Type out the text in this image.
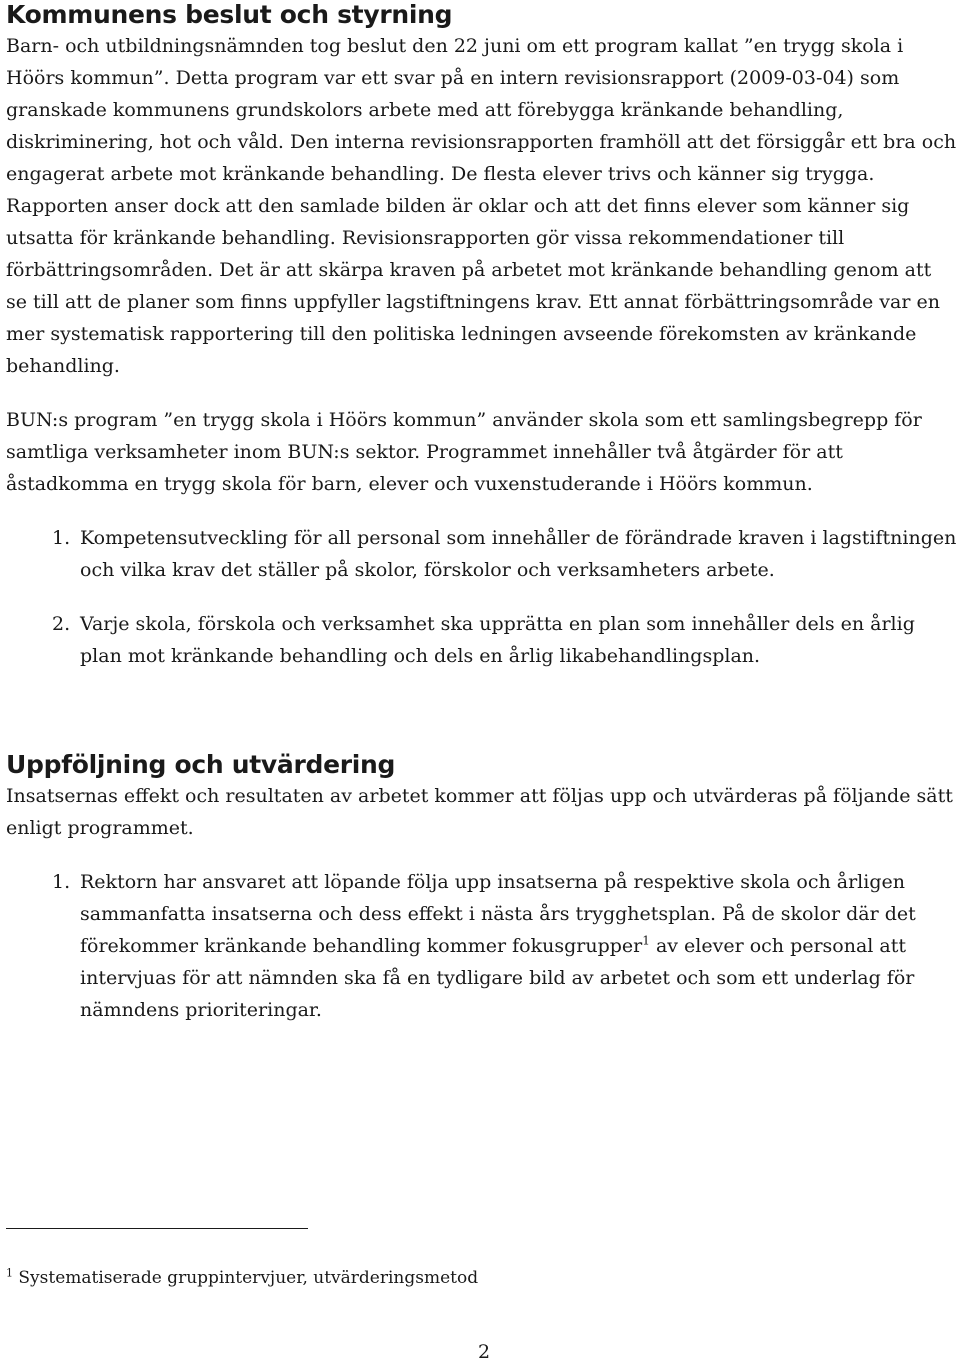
Kommunens beslut och styrning

Barn- och utbildningsnämnden tog beslut den 22 juni om ett program kallat ”en trygg skola i Höörs kommun”. Detta program var ett svar på en intern revisionsrapport (2009-03-04) som granskade kommunens grundskolors arbete med att förebygga kränkande behandling, diskriminering, hot och våld. Den interna revisionsrapporten framhöll att det försiggår ett bra och engagerat arbete mot kränkande behandling. De flesta elever trivs och känner sig trygga. Rapporten anser dock att den samlade bilden är oklar och att det finns elever som känner sig utsatta för kränkande behandling. Revisionsrapporten gör vissa rekommendationer till förbättringsområden. Det är att skärpa kraven på arbetet mot kränkande behandling genom att se till att de planer som finns uppfyller lagstiftningens krav. Ett annat förbättringsområde var en mer systematisk rapportering till den politiska ledningen avseende förekomsten av kränkande behandling.

BUN:s program ”en trygg skola i Höörs kommun” använder skola som ett samlingsbegrepp för samtliga verksamheter inom BUN:s sektor. Programmet innehåller två åtgärder för att åstadkomma en trygg skola för barn, elever och vuxenstuderande i Höörs kommun.

1. Kompetensutveckling för all personal som innehåller de förändrade kraven i lagstiftningen och vilka krav det ställer på skolor, förskolor och verksamheters arbete.
2. Varje skola, förskola och verksamhet ska upprätta en plan som innehåller dels en årlig plan mot kränkande behandling och dels en årlig likabehandlingsplan.
Uppföljning och utvärdering

Insatsernas effekt och resultaten av arbetet kommer att följas upp och utvärderas på följande sätt enligt programmet.

1. Rektorn har ansvaret att löpande följa upp insatserna på respektive skola och årligen sammanfatta insatserna och dess effekt i nästa års trygghetsplan. På de skolor där det förekommer kränkande behandling kommer fokusgrupper$^1$ av elever och personal att intervjuas för att nämnden ska få en tydligare bild av arbetet och som ett underlag för nämndens prioriteringar.
$^1$ Systematiserade gruppintervjuer, utvärderingsmetod
2
